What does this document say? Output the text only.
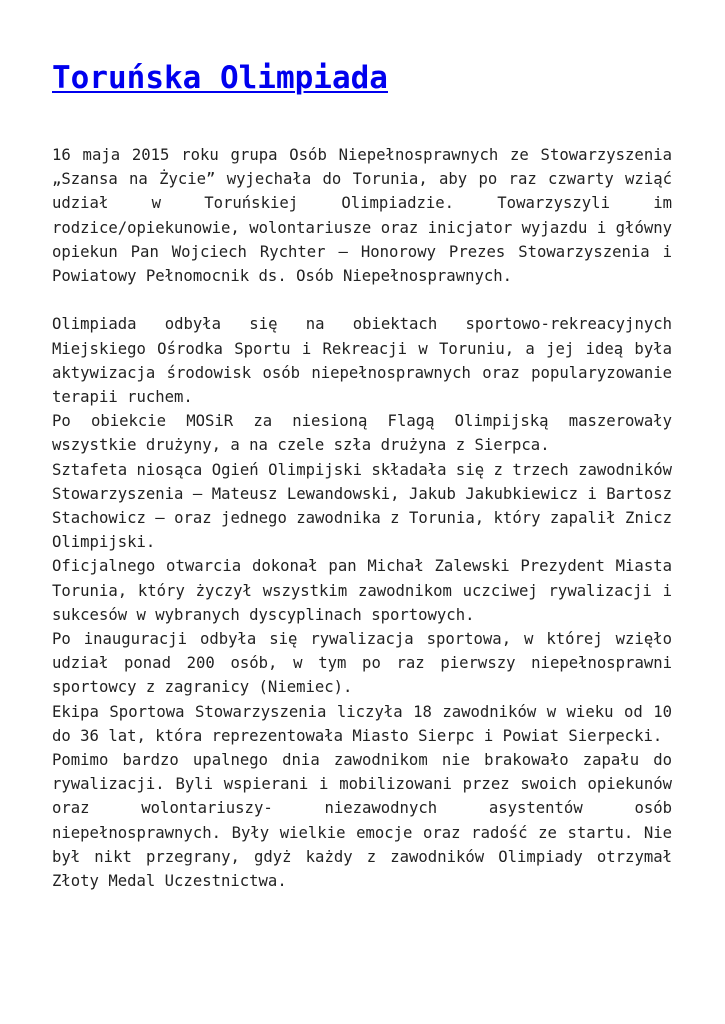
Toruńska Olimpiada

16 maja 2015 roku grupa Osób Niepełnosprawnych ze Stowarzyszenia „Szansa na Życie” wyjechała do Torunia, aby po raz czwarty wziąć udział w Toruńskiej Olimpiadzie. Towarzyszyli im rodzice/opiekunowie, wolontariusze oraz inicjator wyjazdu i główny opiekun Pan Wojciech Rychter – Honorowy Prezes Stowarzyszenia i Powiatowy Pełnomocnik ds. Osób Niepełnosprawnych.

Olimpiada odbyła się na obiektach sportowo-rekreacyjnych Miejskiego Ośrodka Sportu i Rekreacji w Toruniu, a jej ideą była aktywizacja środowisk osób niepełnosprawnych oraz popularyzowanie terapii ruchem.

Po obiekcie MOSiR za niesioną Flagą Olimpijską maszerowały wszystkie drużyny, a na czele szła drużyna z Sierpca.

Sztafeta niosąca Ogień Olimpijski składała się z trzech zawodników Stowarzyszenia – Mateusz Lewandowski, Jakub Jakubkiewicz i Bartosz Stachowicz – oraz jednego zawodnika z Torunia, który zapalił Znicz Olimpijski.

Oficjalnego otwarcia dokonał pan Michał Zalewski Prezydent Miasta Torunia, który życzył wszystkim zawodnikom uczciwej rywalizacji i sukcesów w wybranych dyscyplinach sportowych.

Po inauguracji odbyła się rywalizacja sportowa, w której wzięło udział ponad 200 osób, w tym po raz pierwszy niepełnosprawni sportowcy z zagranicy (Niemiec).

Ekipa Sportowa Stowarzyszenia liczyła 18 zawodników w wieku od 10 do 36 lat, która reprezentowała Miasto Sierpc i Powiat Sierpecki.

Pomimo bardzo upalnego dnia zawodnikom nie brakowało zapału do rywalizacji. Byli wspierani i mobilizowani przez swoich opiekunów oraz wolontariuszy- niezawodnych asystentów osób niepełnosprawnych. Były wielkie emocje oraz radość ze startu. Nie był nikt przegrany, gdyż każdy z zawodników Olimpiady otrzymał Złoty Medal Uczestnictwa.
